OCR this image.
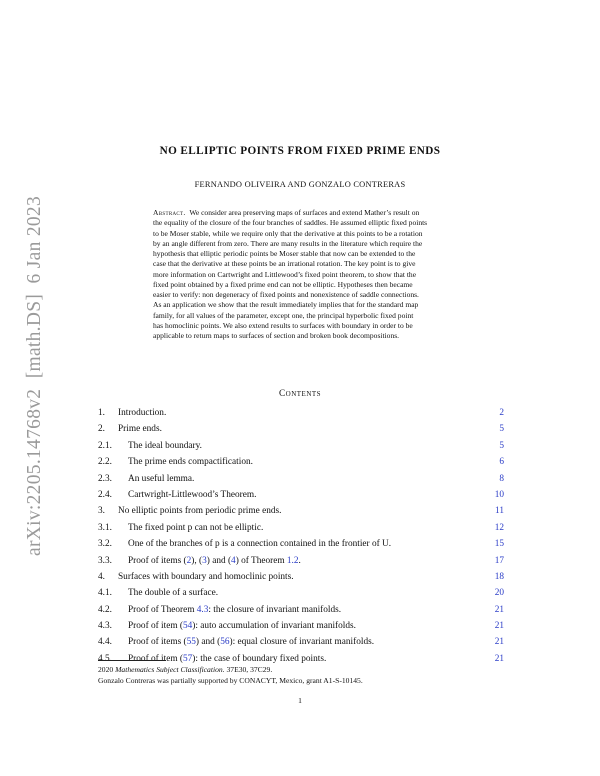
arXiv:2205.14768v2  [math.DS]  6 Jan 2023
NO ELLIPTIC POINTS FROM FIXED PRIME ENDS
FERNANDO OLIVEIRA AND GONZALO CONTRERAS
Abstract. We consider area preserving maps of surfaces and extend Mather’s result on
the equality of the closure of the four branches of saddles. He assumed elliptic fixed points
to be Moser stable, while we require only that the derivative at this points to be a rotation
by an angle different from zero. There are many results in the literature which require the
hypothesis that elliptic periodic points be Moser stable that now can be extended to the
case that the derivative at these points be an irrational rotation. The key point is to give
more information on Cartwright and Littlewood’s fixed point theorem, to show that the
fixed point obtained by a fixed prime end can not be elliptic. Hypotheses then became
easier to verify: non degeneracy of fixed points and nonexistence of saddle connections.
As an application we show that the result immediately implies that for the standard map
family, for all values of the parameter, except one, the principal hyperbolic fixed point
has homoclinic points. We also extend results to surfaces with boundary in order to be
applicable to return maps to surfaces of section and broken book decompositions.
Contents
1. Introduction.	2
2. Prime ends.	5
2.1. The ideal boundary.	5
2.2. The prime ends compactification.	6
2.3. An useful lemma.	8
2.4. Cartwright-Littlewood’s Theorem.	10
3. No elliptic points from periodic prime ends.	11
3.1. The fixed point p can not be elliptic.	12
3.2. One of the branches of p is a connection contained in the frontier of U.	15
3.3. Proof of items (2), (3) and (4) of Theorem 1.2.	17
4. Surfaces with boundary and homoclinic points.	18
4.1. The double of a surface.	20
4.2. Proof of Theorem 4.3: the closure of invariant manifolds.	21
4.3. Proof of item (54): auto accumulation of invariant manifolds.	21
4.4. Proof of items (55) and (56): equal closure of invariant manifolds.	21
4.5. Proof of item (57): the case of boundary fixed points.	21
2020 Mathematics Subject Classification. 37E30, 37C29.
Gonzalo Contreras was partially supported by CONACYT, Mexico, grant A1-S-10145.
1
